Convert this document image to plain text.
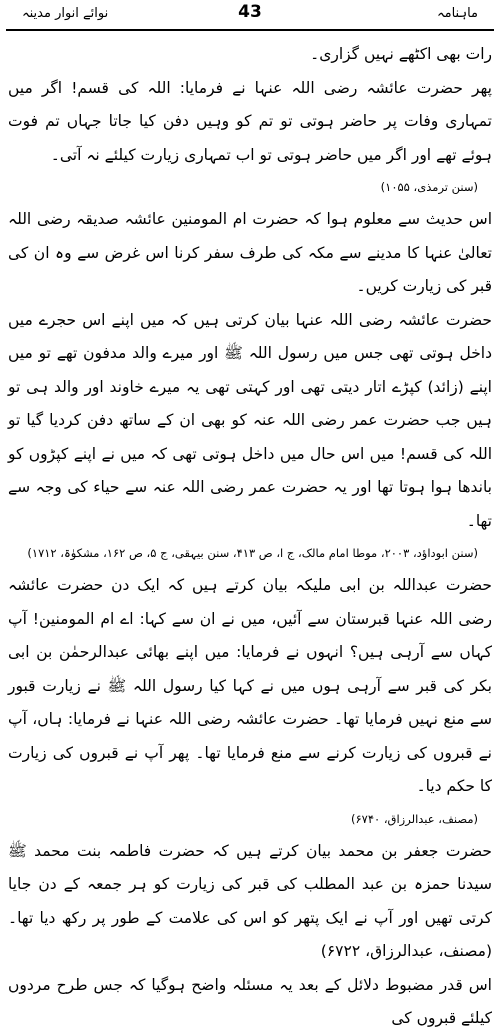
نوائے انوار مدینہ	43	ماہنامہ

رات بھی اکٹھے نہیں گزاری۔

پھر حضرت عائشہ رضی اللہ عنہا نے فرمایا: اللہ کی قسم! اگر میں تمہاری وفات پر حاضر ہوتی تو تم کو وہیں دفن کیا جاتا جہاں تم فوت ہوئے تھے اور اگر میں حاضر ہوتی تو اب تمہاری زیارت کیلئے نہ آتی۔

(سنن ترمذی، ۱۰۵۵)

اس حدیث سے معلوم ہوا کہ حضرت ام المومنین عائشہ صدیقہ رضی اللہ تعالیٰ عنہا کا مدینے سے مکہ کی طرف سفر کرنا اس غرض سے وہ ان کی قبر کی زیارت کریں۔

حضرت عائشہ رضی اللہ عنہا بیان کرتی ہیں کہ میں اپنے اس حجرے میں داخل ہوتی تھی جس میں رسول اللہ ﷺ اور میرے والد مدفون تھے تو میں اپنے (زائد) کپڑے اتار دیتی تھی اور کہتی تھی یہ میرے خاوند اور والد ہی تو ہیں جب حضرت عمر رضی اللہ عنہ کو بھی ان کے ساتھ دفن کردیا گیا تو اللہ کی قسم! میں اس حال میں داخل ہوتی تھی کہ میں نے اپنے کپڑوں کو باندھا ہوا ہوتا تھا اور یہ حضرت عمر رضی اللہ عنہ سے حیاء کی وجہ سے تھا۔

(سنن ابوداؤد، ۲۰۰۳، موطا امام مالک، ج ا، ص ۴۱۳، سنن بیہقی، ج ۵، ص ۱۶۲، مشکوٰۃ، ۱۷۱۲)

حضرت عبداللہ بن ابی ملیکہ بیان کرتے ہیں کہ ایک دن حضرت عائشہ رضی اللہ عنہا قبرستان سے آئیں، میں نے ان سے کہا: اے ام المومنین! آپ کہاں سے آرہی ہیں؟ انہوں نے فرمایا: میں اپنے بھائی عبدالرحمٰن بن ابی بکر کی قبر سے آرہی ہوں میں نے کہا کیا رسول اللہ ﷺ نے زیارت قبور سے منع نہیں فرمایا تھا۔ حضرت عائشہ رضی اللہ عنہا نے فرمایا: ہاں، آپ نے قبروں کی زیارت کرنے سے منع فرمایا تھا۔ پھر آپ نے قبروں کی زیارت کا حکم دیا۔

(مصنف، عبدالرزاق، ۶۷۴۰)

حضرت جعفر بن محمد بیان کرتے ہیں کہ حضرت فاطمہ بنت محمد ﷺ سیدنا حمزہ بن عبد المطلب کی قبر کی زیارت کو ہر جمعہ کے دن جایا کرتی تھیں اور آپ نے ایک پتھر کو اس کی علامت کے طور پر رکھ دیا تھا۔ (مصنف، عبدالرزاق، ۶۷۲۲)

اس قدر مضبوط دلائل کے بعد یہ مسئلہ واضح ہوگیا کہ جس طرح مردوں کیلئے قبروں کی
